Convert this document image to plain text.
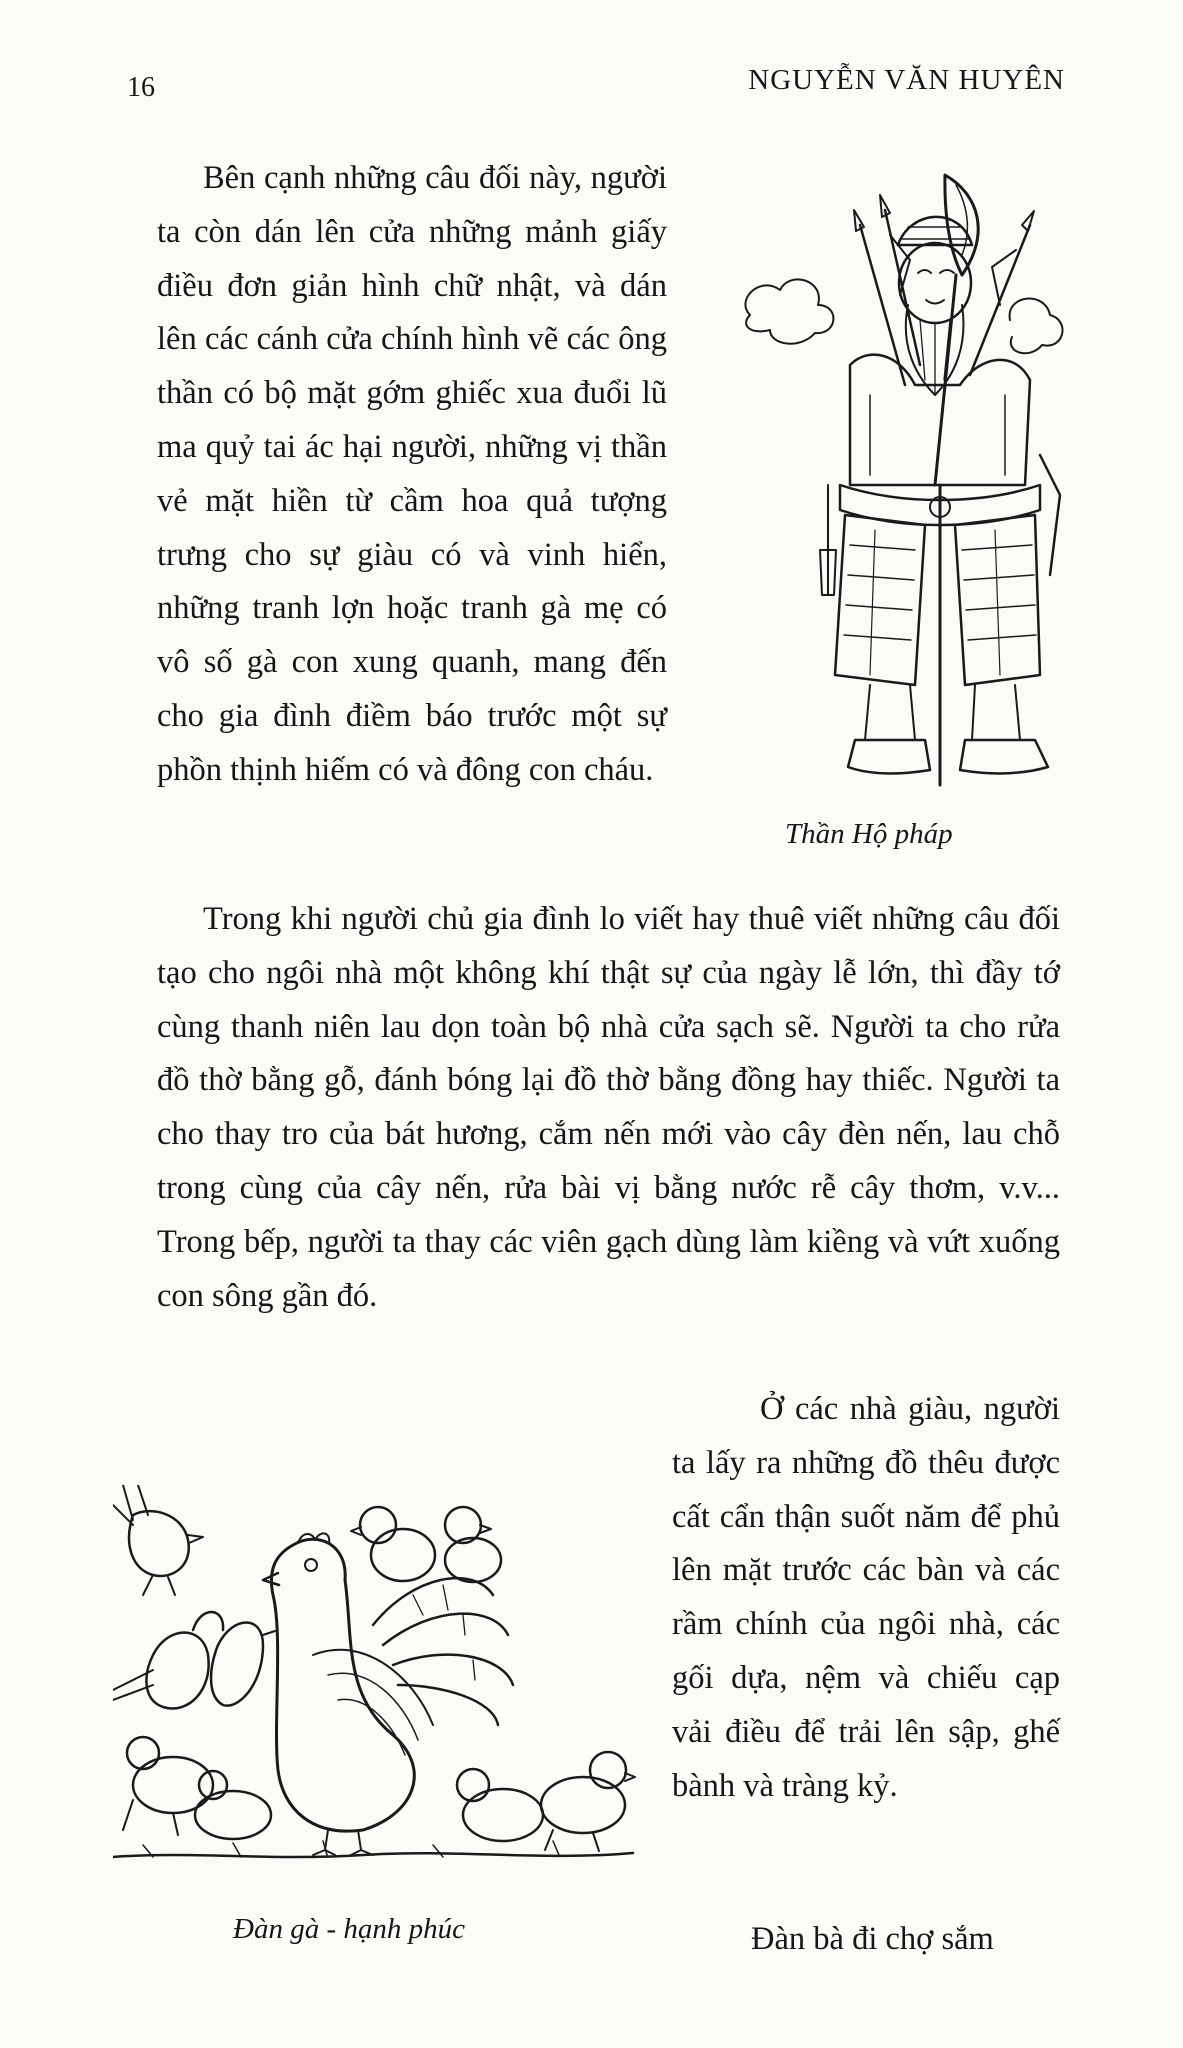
16	NGUYỄN VĂN HUYÊN

Bên cạnh những câu đối này, người ta còn dán lên cửa những mảnh giấy điều đơn giản hình chữ nhật, và dán lên các cánh cửa chính hình vẽ các ông thần có bộ mặt gớm ghiếc xua đuổi lũ ma quỷ tai ác hại người, những vị thần vẻ mặt hiền từ cầm hoa quả tượng trưng cho sự giàu có và vinh hiển, những tranh lợn hoặc tranh gà mẹ có vô số gà con xung quanh, mang đến cho gia đình điềm báo trước một sự phồn thịnh hiếm có và đông con cháu.

Thần Hộ pháp

Trong khi người chủ gia đình lo viết hay thuê viết những câu đối tạo cho ngôi nhà một không khí thật sự của ngày lễ lớn, thì đầy tớ cùng thanh niên lau dọn toàn bộ nhà cửa sạch sẽ. Người ta cho rửa đồ thờ bằng gỗ, đánh bóng lại đồ thờ bằng đồng hay thiếc. Người ta cho thay tro của bát hương, cắm nến mới vào cây đèn nến, lau chỗ trong cùng của cây nến, rửa bài vị bằng nước rễ cây thơm, v.v... Trong bếp, người ta thay các viên gạch dùng làm kiềng và vứt xuống con sông gần đó.

Ở các nhà giàu, người ta lấy ra những đồ thêu được cất cẩn thận suốt năm để phủ lên mặt trước các bàn và các rầm chính của ngôi nhà, các gối dựa, nệm và chiếu cạp vải điều để trải lên sập, ghế bành và tràng kỷ.

Đàn gà - hạnh phúc	Đàn bà đi chợ sắm
